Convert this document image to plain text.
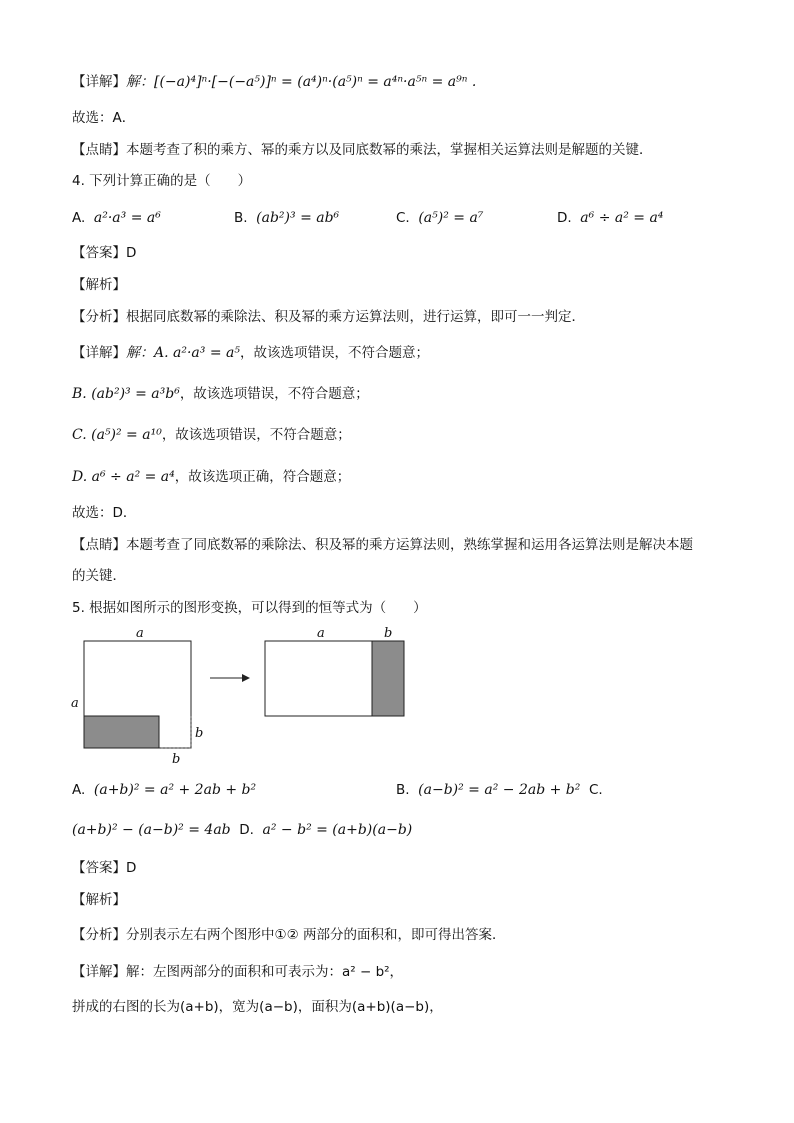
【详解】解：[(−a)⁴]ⁿ·[−(−a⁵)]ⁿ = (a⁴)ⁿ·(a⁵)ⁿ = a⁴ⁿ·a⁵ⁿ = a⁹ⁿ .
故选：A．
【点睛】本题考查了积的乘方、幂的乘方以及同底数幂的乘法，掌握相关运算法则是解题的关键．
4. 下列计算正确的是（　　）
A. a²·a³ = a⁶	B. (ab²)³ = ab⁶	C. (a⁵)² = a⁷	D. a⁶ ÷ a² = a⁴
【答案】D
【解析】
【分析】根据同底数幂的乘除法、积及幂的乘方运算法则，进行运算，即可一一判定．
【详解】解：A. a²·a³ = a⁵，故该选项错误，不符合题意；
B. (ab²)³ = a³b⁶，故该选项错误，不符合题意；
C. (a⁵)² = a¹⁰，故该选项错误，不符合题意；
D. a⁶ ÷ a² = a⁴，故该选项正确，符合题意；
故选：D．
【点睛】本题考查了同底数幂的乘除法、积及幂的乘方运算法则，熟练掌握和运用各运算法则是解决本题
的关键．
5. 根据如图所示的图形变换，可以得到的恒等式为（　　）
a
a
b
b
a	b
A. (a+b)² = a² + 2ab + b²	B. (a−b)² = a² − 2ab + b² C.
(a+b)² − (a−b)² = 4ab D. a² − b² = (a+b)(a−b)
【答案】D
【解析】
【分析】分别表示左右两个图形中①② 两部分的面积和，即可得出答案．
【详解】解：左图两部分的面积和可表示为：a² − b²，
拼成的右图的长为(a+b)，宽为(a−b)，面积为(a+b)(a−b)，
